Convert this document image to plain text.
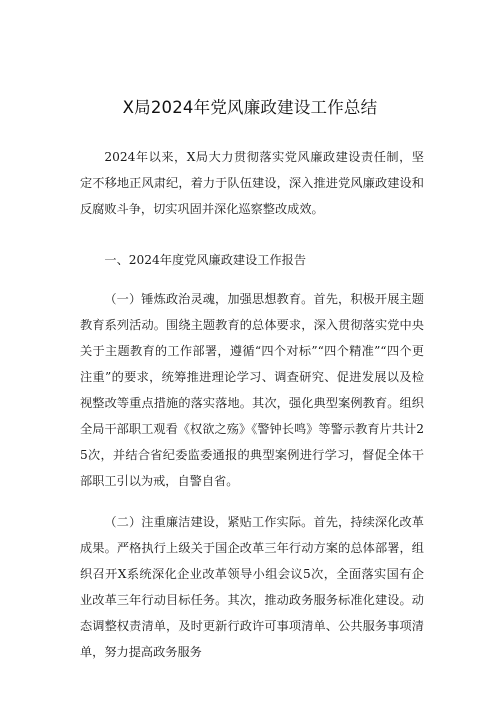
X局2024年党风廉政建设工作总结

2024年以来，X局大力贯彻落实党风廉政建设责任制，坚定不移地正风肃纪，着力于队伍建设，深入推进党风廉政建设和反腐败斗争，切实巩固并深化巡察整改成效。

一、2024年度党风廉政建设工作报告

（一）锤炼政治灵魂，加强思想教育。首先，积极开展主题教育系列活动。围绕主题教育的总体要求，深入贯彻落实党中央关于主题教育的工作部署，遵循“四个对标”“四个精准”“四个更注重”的要求，统筹推进理论学习、调查研究、促进发展以及检视整改等重点措施的落实落地。其次，强化典型案例教育。组织全局干部职工观看《权欲之殇》《警钟长鸣》等警示教育片共计25次，并结合省纪委监委通报的典型案例进行学习，督促全体干部职工引以为戒，自警自省。

（二）注重廉洁建设，紧贴工作实际。首先，持续深化改革成果。严格执行上级关于国企改革三年行动方案的总体部署，组织召开X系统深化企业改革领导小组会议5次，全面落实国有企业改革三年行动目标任务。其次，推动政务服务标准化建设。动态调整权责清单，及时更新行政许可事项清单、公共服务事项清单，努力提高政务服务
